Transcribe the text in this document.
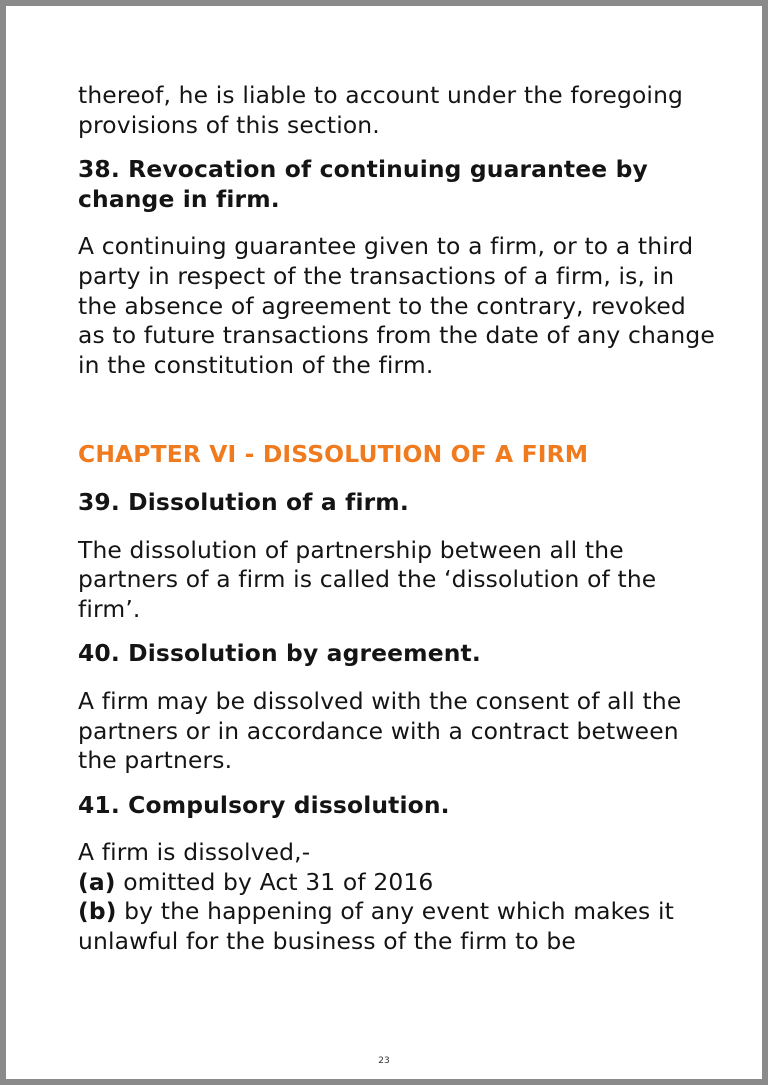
thereof, he is liable to account under the foregoing provisions of this section.

38. Revocation of continuing guarantee by change in firm.

A continuing guarantee given to a firm, or to a third party in respect of the transactions of a firm, is, in the absence of agreement to the contrary, revoked as to future transactions from the date of any change in the constitution of the firm.

CHAPTER VI - DISSOLUTION OF A FIRM
39. Dissolution of a firm.

The dissolution of partnership between all the partners of a firm is called the ‘dissolution of the firm’.

40. Dissolution by agreement.

A firm may be dissolved with the consent of all the partners or in accordance with a contract between the partners.

41. Compulsory dissolution.

A firm is dissolved,-

(a) omitted by Act 31 of 2016

(b) by the happening of any event which makes it unlawful for the business of the firm to be

23
